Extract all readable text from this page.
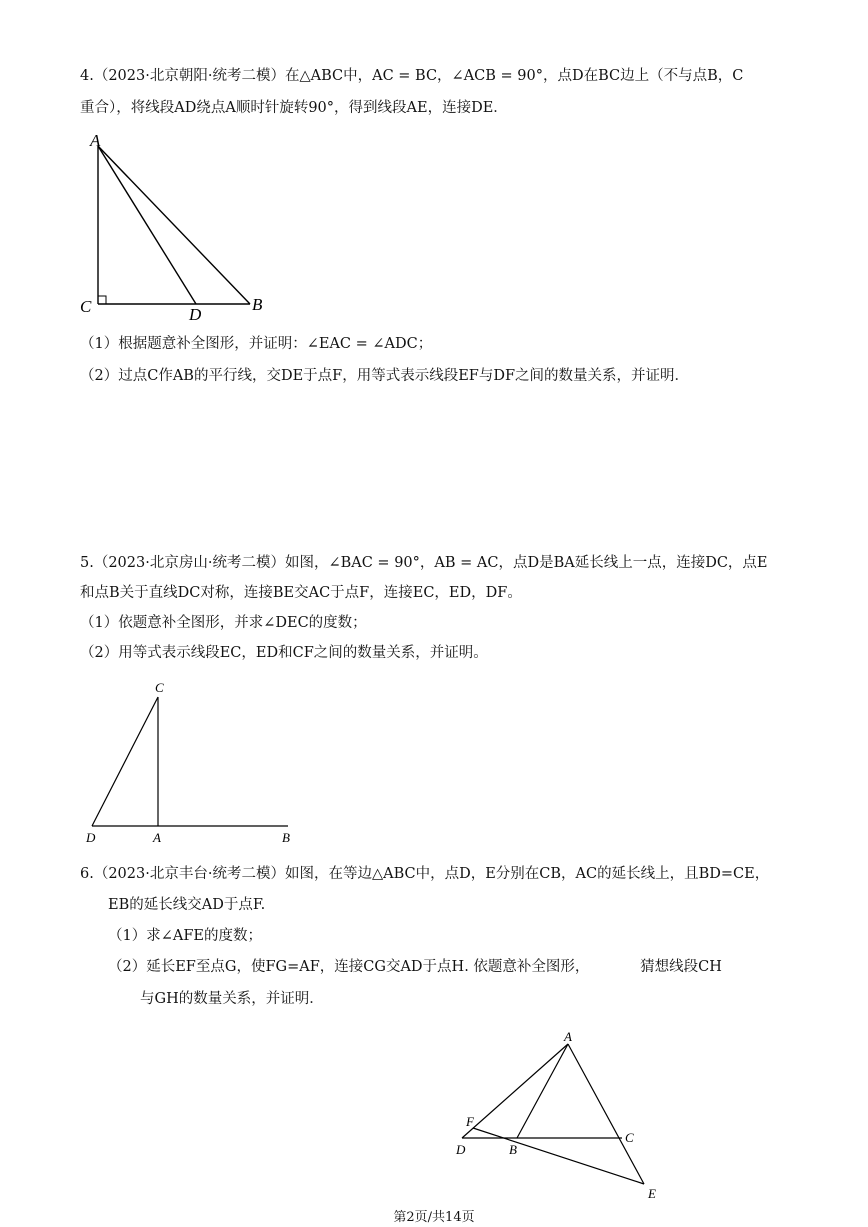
4.（2023·北京朝阳·统考二模）在△ABC中，AC = BC，∠ACB = 90°，点D在BC边上（不与点B，C
重合），将线段AD绕点A顺时针旋转90°，得到线段AE，连接DE．
A
C	D
B
（1）根据题意补全图形，并证明：∠EAC = ∠ADC；
（2）过点C作AB的平行线，交DE于点F，用等式表示线段EF与DF之间的数量关系，并证明．
5.（2023·北京房山·统考二模）如图，∠BAC = 90°，AB = AC，点D是BA延长线上一点，连接DC，点E
和点B关于直线DC对称，连接BE交AC于点F，连接EC，ED，DF。
（1）依题意补全图形，并求∠DEC的度数；
（2）用等式表示线段EC，ED和CF之间的数量关系，并证明。
C
D	A	B
6.（2023·北京丰台·统考二模）如图，在等边△ABC中，点D，E分别在CB，AC的延长线上，且BD=CE，
EB的延长线交AD于点F.
（1）求∠AFE的度数；
（2）延长EF至点G，使FG=AF，连接CG交AD于点H. 依题意补全图形，　　　　猜想线段CH
与GH的数量关系，并证明．
A
F
C
D	B
E
第2页/共14页
